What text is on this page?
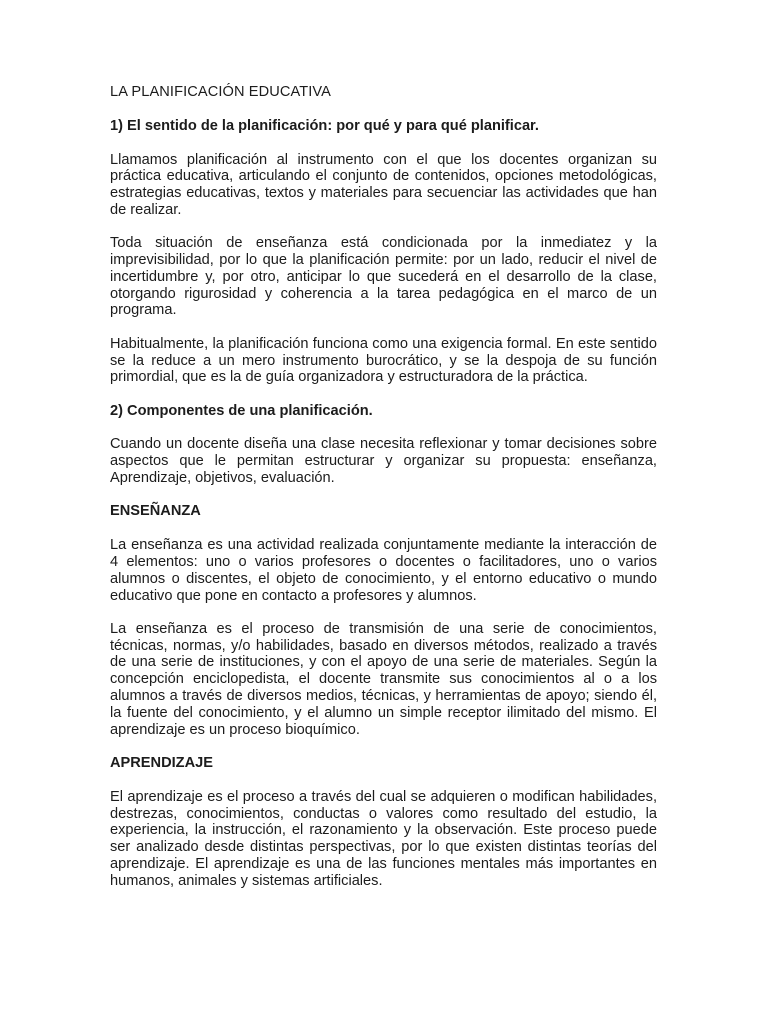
LA PLANIFICACIÓN EDUCATIVA
1) El sentido de la planificación: por qué y para qué planificar.

Llamamos planificación al instrumento con el que los docentes organizan su práctica educativa, articulando el conjunto de contenidos, opciones metodológicas, estrategias educativas, textos y materiales para secuenciar las actividades que han de realizar.

Toda situación de enseñanza está condicionada por la inmediatez y la imprevisibilidad, por lo que la planificación permite: por un lado, reducir el nivel de incertidumbre y, por otro, anticipar lo que sucederá en el desarrollo de la clase, otorgando rigurosidad y coherencia a la tarea pedagógica en el marco de un programa.

Habitualmente, la planificación funciona como una exigencia formal. En este sentido se la reduce a un mero instrumento burocrático, y se la despoja de su función primordial, que es la de guía organizadora y estructuradora de la práctica.

2) Componentes de una planificación.

Cuando un docente diseña una clase necesita reflexionar y tomar decisiones sobre aspectos que le permitan estructurar y organizar su propuesta: enseñanza, Aprendizaje, objetivos, evaluación.

ENSEÑANZA

La enseñanza es una actividad realizada conjuntamente mediante la interacción de 4 elementos: uno o varios profesores o docentes o facilitadores, uno o varios alumnos o discentes, el objeto de conocimiento, y el entorno educativo o mundo educativo que pone en contacto a profesores y alumnos.

La enseñanza es el proceso de transmisión de una serie de conocimientos, técnicas, normas, y/o habilidades, basado en diversos métodos, realizado a través de una serie de instituciones, y con el apoyo de una serie de materiales. Según la concepción enciclopedista, el docente transmite sus conocimientos al o a los alumnos a través de diversos medios, técnicas, y herramientas de apoyo; siendo él, la fuente del conocimiento, y el alumno un simple receptor ilimitado del mismo. El aprendizaje es un proceso bioquímico.

APRENDIZAJE

El aprendizaje es el proceso a través del cual se adquieren o modifican habilidades, destrezas, conocimientos, conductas o valores como resultado del estudio, la experiencia, la instrucción, el razonamiento y la observación. Este proceso puede ser analizado desde distintas perspectivas, por lo que existen distintas teorías del aprendizaje. El aprendizaje es una de las funciones mentales más importantes en humanos, animales y sistemas artificiales.
